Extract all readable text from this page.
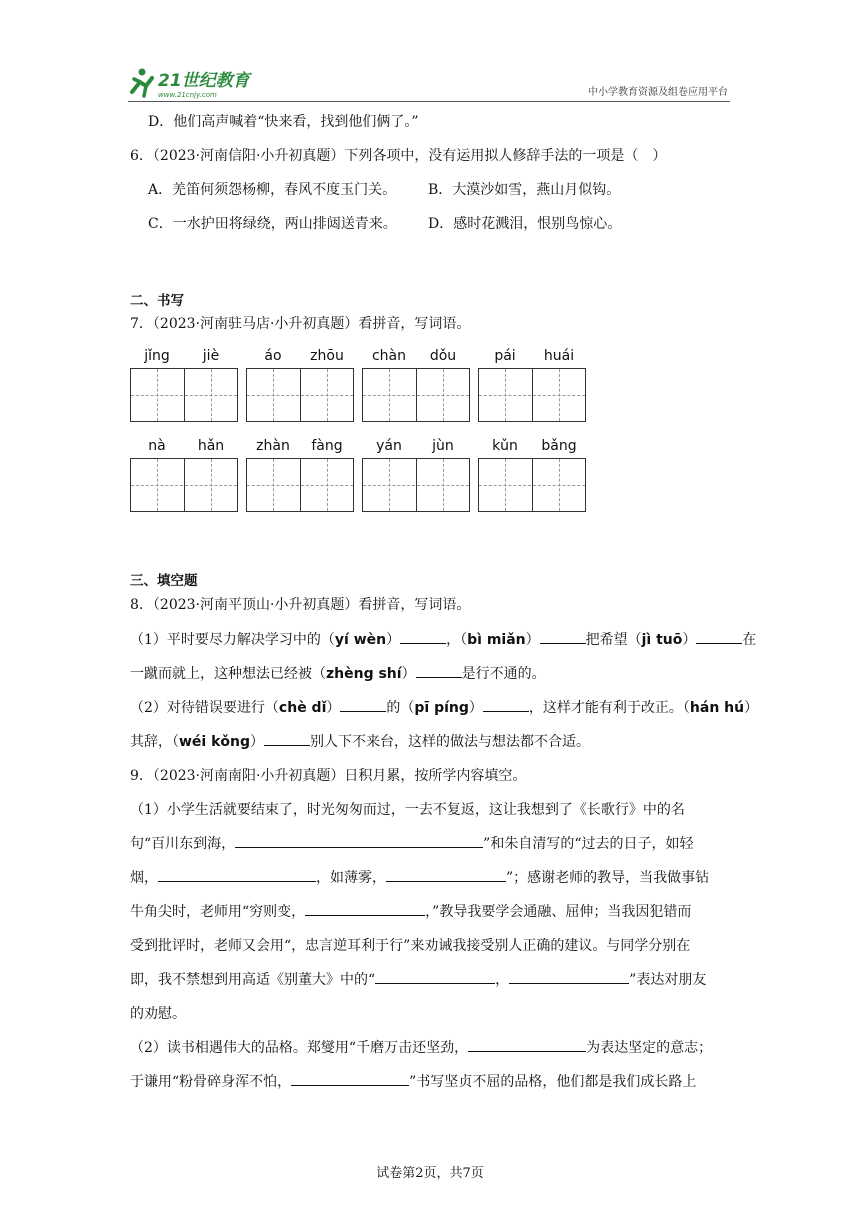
21世纪教育
www.21cnjy.com	中小学教育资源及组卷应用平台
D．他们高声喊着“快来看，找到他们俩了。”
6．（2023·河南信阳·小升初真题）下列各项中，没有运用拟人修辞手法的一项是（　）
A．羌笛何须怨杨柳，春风不度玉门关。 B．大漠沙如雪，燕山月似钩。
C．一水护田将绿绕，两山排闼送青来。 D．感时花溅泪，恨别鸟惊心。
二、书写
7．（2023·河南驻马店·小升初真题）看拼音，写词语。
jǐng	jiè	áo	zhōu	chàn	dǒu	pái	huái
nà	hǎn	zhàn	fàng	yán	jùn	kǔn	bǎng
三、填空题
8．（2023·河南平顶山·小升初真题）看拼音，写词语。
（1）平时要尽力解决学习中的（yí wèn）	，（bì miǎn）	把希望（jì tuō）	在
一蹴而就上，这种想法已经被（zhèng shí）	是行不通的。
（2）对待错误要进行（chè dǐ）	的（pī píng）	，这样才能有利于改正。（hán hú）
其辞，（wéi kǒng）	别人下不来台，这样的做法与想法都不合适。
9．（2023·河南南阳·小升初真题）日积月累，按所学内容填空。
（1）小学生活就要结束了，时光匆匆而过，一去不复返，这让我想到了《长歌行》中的名
句“百川东到海，	”和朱自清写的“过去的日子，如轻
烟，	，如薄雾，	”；感谢老师的教导，当我做事钻
牛角尖时，老师用“穷则变，	，”教导我要学会通融、屈伸；当我因犯错而
受到批评时，老师又会用“，忠言逆耳利于行”来劝诫我接受别人正确的建议。与同学分别在
即，我不禁想到用高适《别董大》中的“	，	”表达对朋友
的劝慰。
（2）读书相遇伟大的品格。郑燮用“千磨万击还坚劲，	为表达坚定的意志；
于谦用“粉骨碎身浑不怕，	”书写坚贞不屈的品格，他们都是我们成长路上
试卷第2页，共7页
